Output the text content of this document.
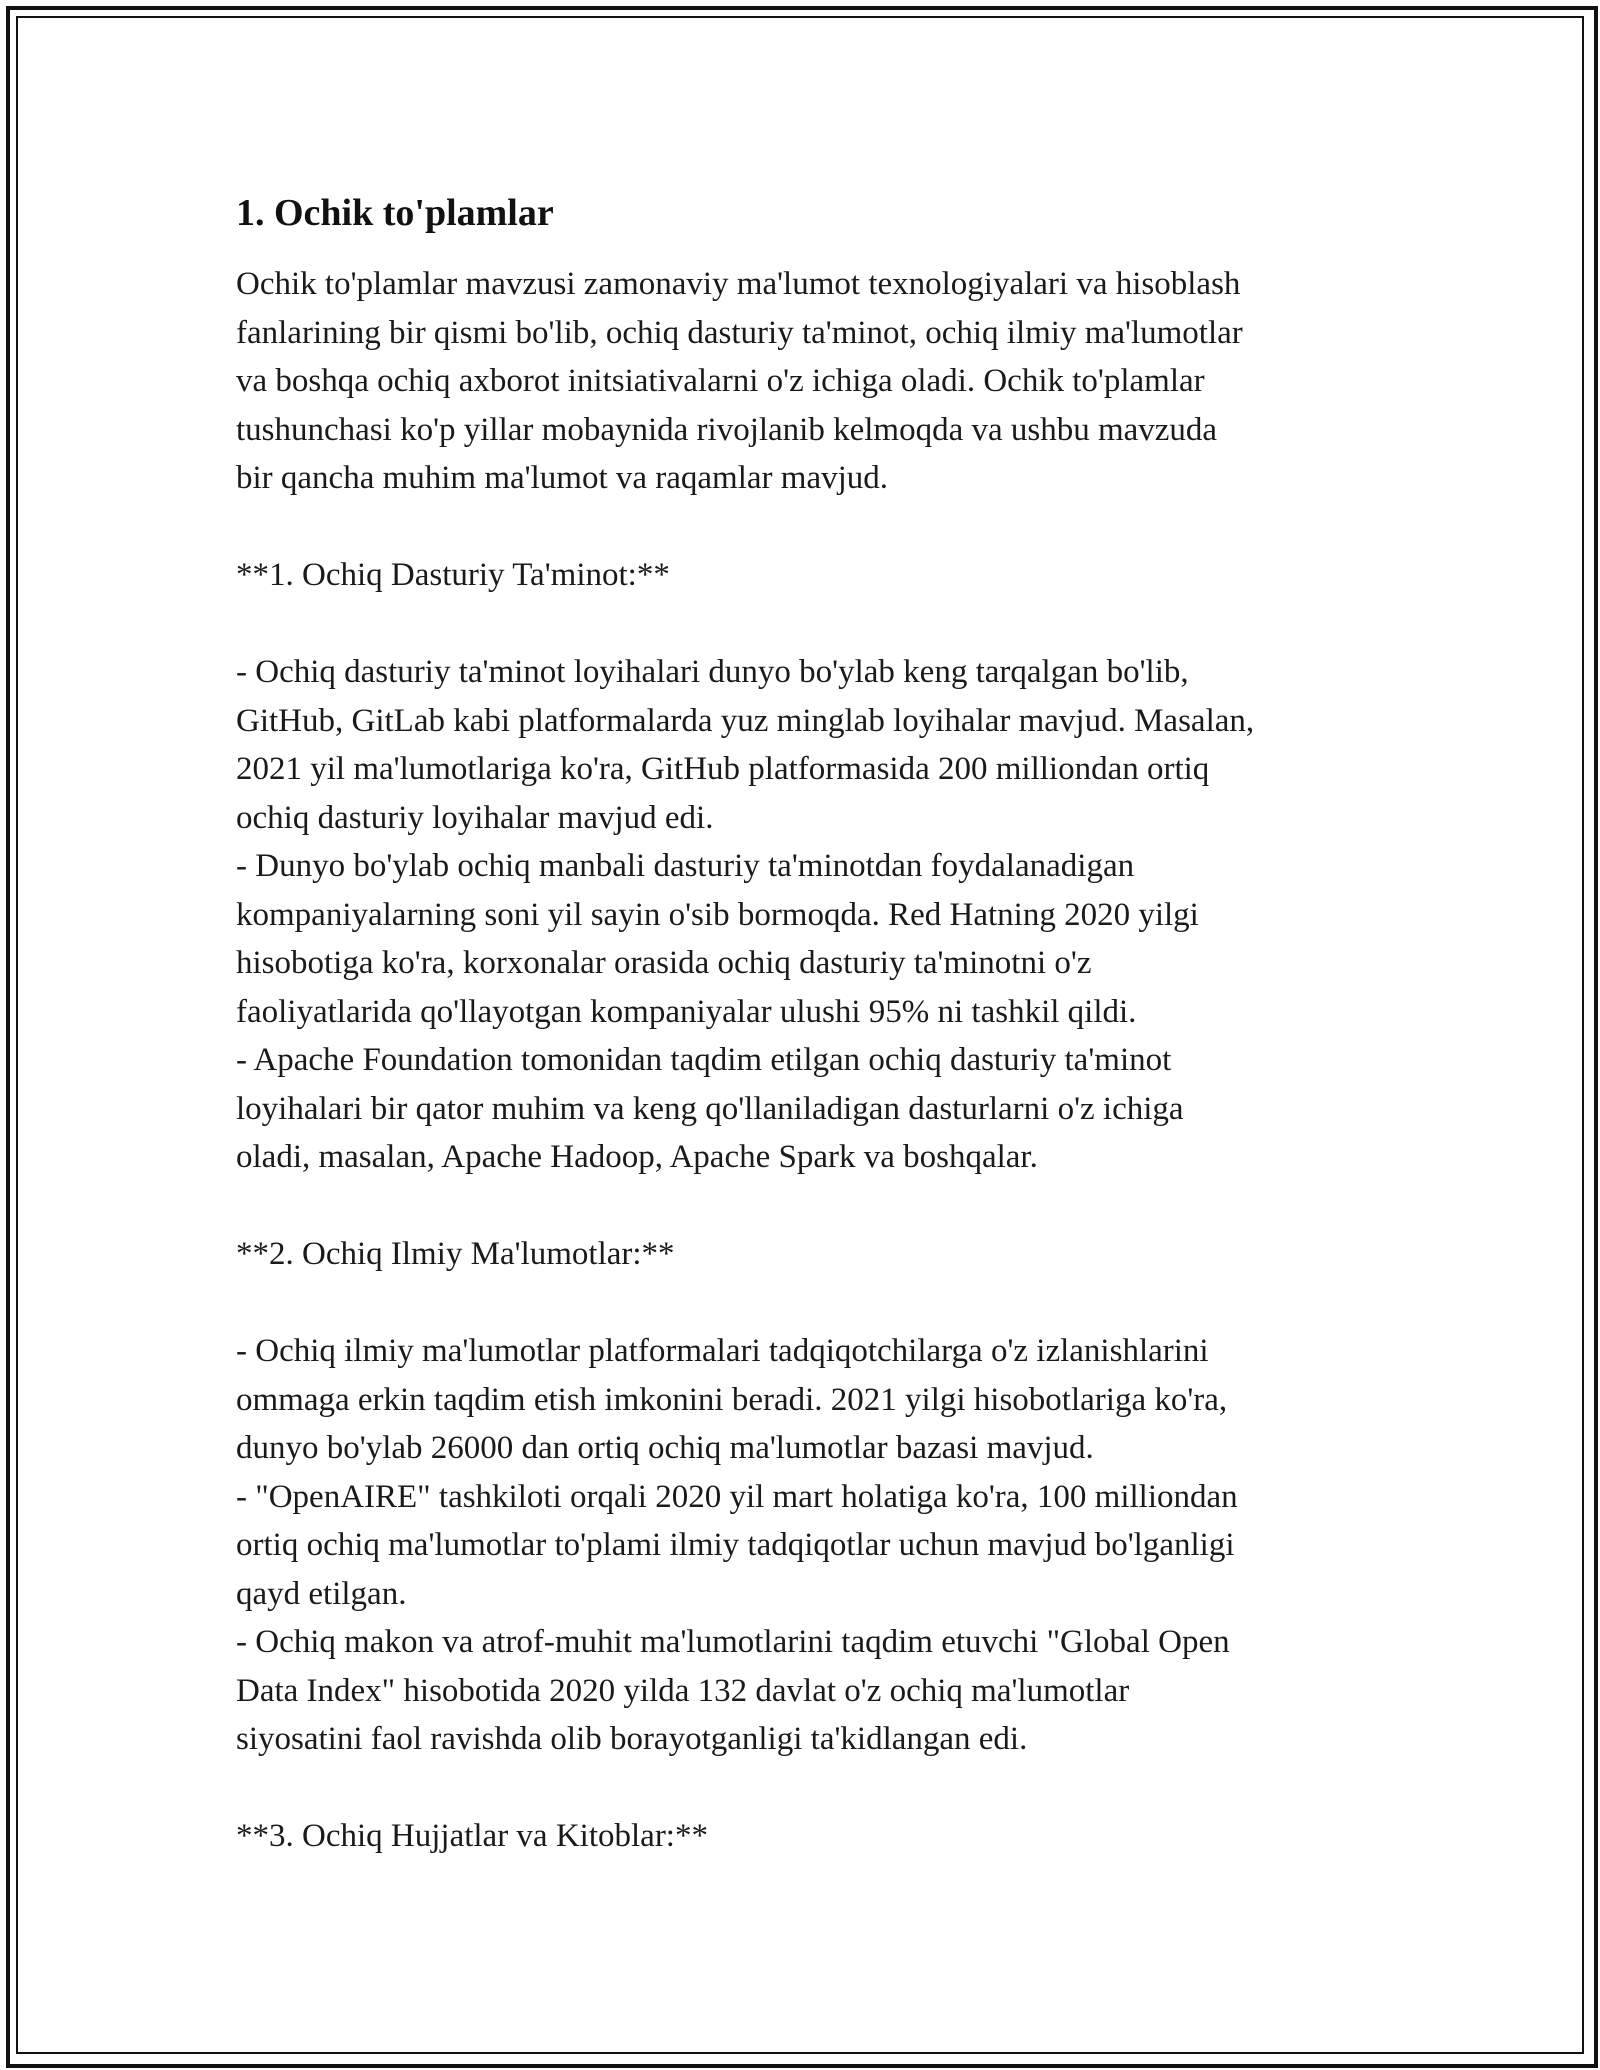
1. Ochik to'plamlar

Ochik to'plamlar mavzusi zamonaviy ma'lumot texnologiyalari va hisoblash
fanlarining bir qismi bo'lib, ochiq dasturiy ta'minot, ochiq ilmiy ma'lumotlar
va boshqa ochiq axborot initsiativalarni o'z ichiga oladi. Ochik to'plamlar
tushunchasi ko'p yillar mobaynida rivojlanib kelmoqda va ushbu mavzuda
bir qancha muhim ma'lumot va raqamlar mavjud.

**1. Ochiq Dasturiy Ta'minot:**

- Ochiq dasturiy ta'minot loyihalari dunyo bo'ylab keng tarqalgan bo'lib,
GitHub, GitLab kabi platformalarda yuz minglab loyihalar mavjud. Masalan,
2021 yil ma'lumotlariga ko'ra, GitHub platformasida 200 milliondan ortiq
ochiq dasturiy loyihalar mavjud edi.
- Dunyo bo'ylab ochiq manbali dasturiy ta'minotdan foydalanadigan
kompaniyalarning soni yil sayin o'sib bormoqda. Red Hatning 2020 yilgi
hisobotiga ko'ra, korxonalar orasida ochiq dasturiy ta'minotni o'z
faoliyatlarida qo'llayotgan kompaniyalar ulushi 95% ni tashkil qildi.
- Apache Foundation tomonidan taqdim etilgan ochiq dasturiy ta'minot
loyihalari bir qator muhim va keng qo'llaniladigan dasturlarni o'z ichiga
oladi, masalan, Apache Hadoop, Apache Spark va boshqalar.

**2. Ochiq Ilmiy Ma'lumotlar:**

- Ochiq ilmiy ma'lumotlar platformalari tadqiqotchilarga o'z izlanishlarini
ommaga erkin taqdim etish imkonini beradi. 2021 yilgi hisobotlariga ko'ra,
dunyo bo'ylab 26000 dan ortiq ochiq ma'lumotlar bazasi mavjud.
- "OpenAIRE" tashkiloti orqali 2020 yil mart holatiga ko'ra, 100 milliondan
ortiq ochiq ma'lumotlar to'plami ilmiy tadqiqotlar uchun mavjud bo'lganligi
qayd etilgan.
- Ochiq makon va atrof-muhit ma'lumotlarini taqdim etuvchi "Global Open
Data Index" hisobotida 2020 yilda 132 davlat o'z ochiq ma'lumotlar
siyosatini faol ravishda olib borayotganligi ta'kidlangan edi.

**3. Ochiq Hujjatlar va Kitoblar:**
